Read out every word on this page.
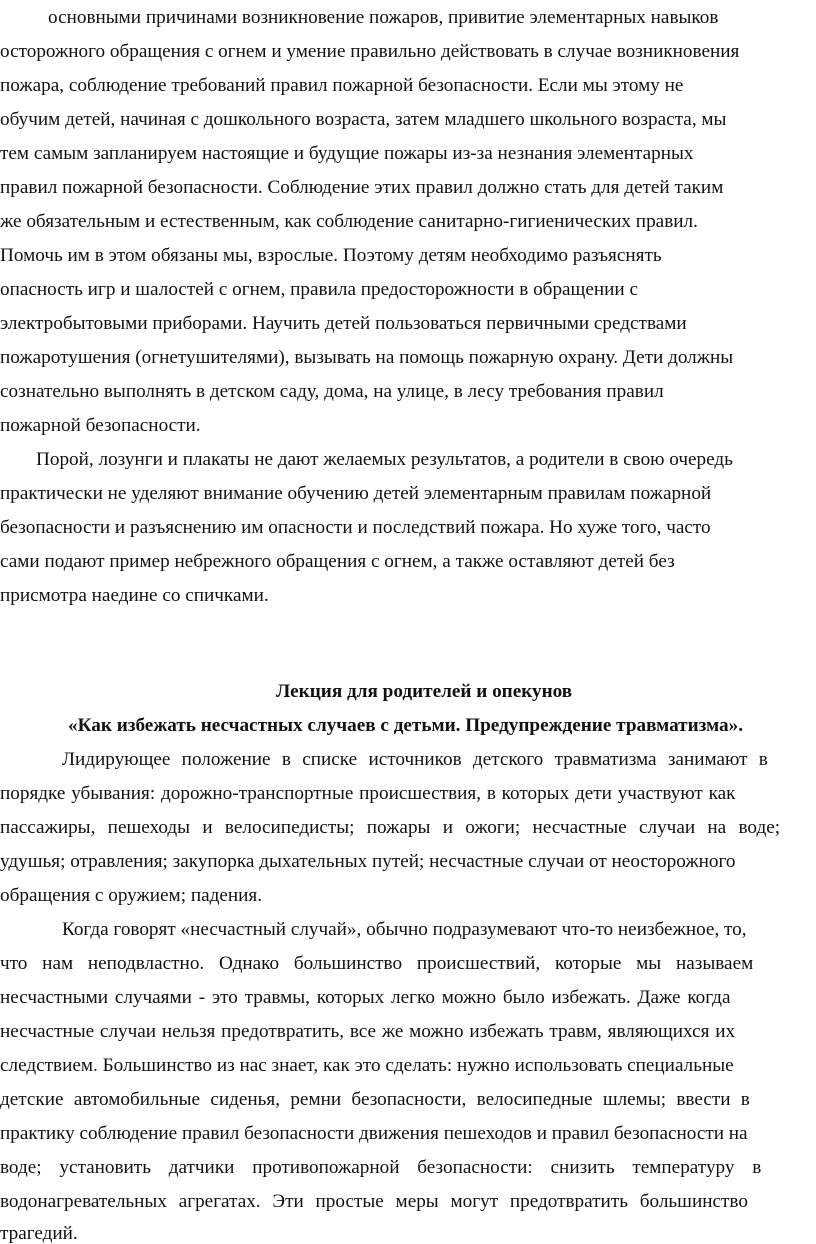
основными причинами возникновение пожаров, привитие элементарных навыков
осторожного обращения с огнем и умение правильно действовать в случае возникновения
пожара, соблюдение требований правил пожарной безопасности. Если мы этому не
обучим детей, начиная с дошкольного возраста, затем младшего школьного возраста, мы
тем самым запланируем настоящие и будущие пожары из-за незнания элементарных
правил пожарной безопасности. Соблюдение этих правил должно стать для детей таким
же обязательным и естественным, как соблюдение санитарно-гигиенических правил.
Помочь им в этом обязаны мы, взрослые. Поэтому детям необходимо разъяснять
опасность игр и шалостей с огнем, правила предосторожности в обращении с
электробытовыми приборами. Научить детей пользоваться первичными средствами
пожаротушения (огнетушителями), вызывать на помощь пожарную охрану. Дети должны
сознательно выполнять в детском саду, дома, на улице, в лесу требования правил
пожарной безопасности.
Порой, лозунги и плакаты не дают желаемых результатов, а родители в свою очередь
практически не уделяют внимание обучению детей элементарным правилам пожарной
безопасности и разъяснению им опасности и последствий пожара. Но хуже того, часто
сами подают пример небрежного обращения с огнем, а также оставляют детей без
присмотра наедине со спичками.
Лекция для родителей и опекунов
«Как избежать несчастных случаев с детьми. Предупреждение травматизма».
Лидирующее положение в списке источников детского травматизма занимают в
порядке убывания: дорожно-транспортные происшествия, в которых дети участвуют как
пассажиры, пешеходы и велосипедисты; пожары и ожоги; несчастные случаи на воде;
удушья; отравления; закупорка дыхательных путей; несчастные случаи от неосторожного
обращения с оружием; падения.
Когда говорят «несчастный случай», обычно подразумевают что-то неизбежное, то,
что нам неподвластно. Однако большинство происшествий, которые мы называем
несчастными случаями - это травмы, которых легко можно было избежать. Даже когда
несчастные случаи нельзя предотвратить, все же можно избежать травм, являющихся их
следствием. Большинство из нас знает, как это сделать: нужно использовать специальные
детские автомобильные сиденья, ремни безопасности, велосипедные шлемы; ввести в
практику соблюдение правил безопасности движения пешеходов и правил безопасности на
воде; установить датчики противопожарной безопасности: снизить температуру в
водонагревательных агрегатах. Эти простые меры могут предотвратить большинство
трагедий.
